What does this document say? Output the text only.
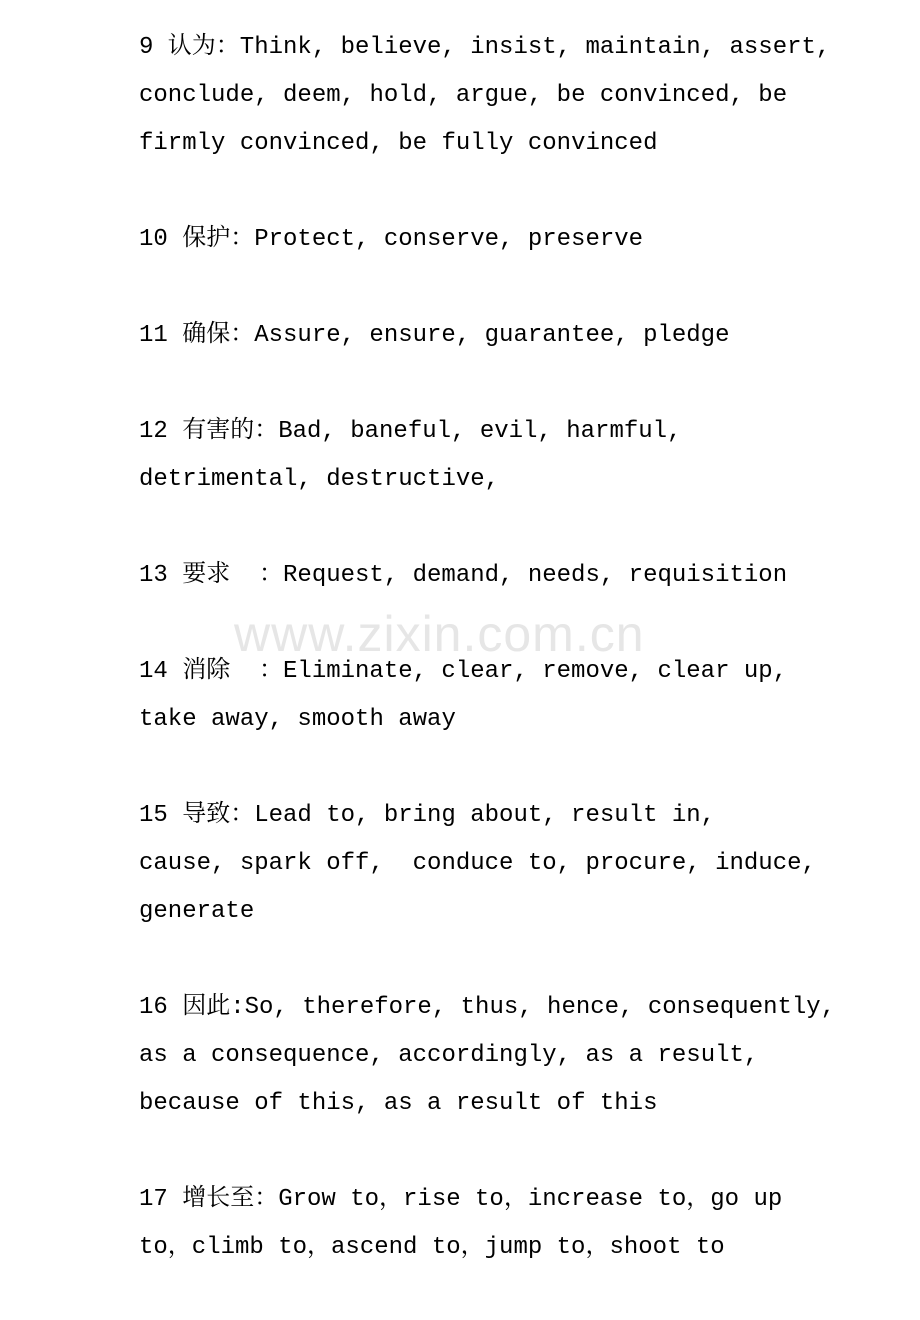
www.zixin.com.cn
9 认为：Think, believe, insist, maintain, assert,
conclude, deem, hold, argue, be convinced, be
firmly convinced, be fully convinced
10 保护：Protect, conserve, preserve
11 确保：Assure, ensure, guarantee, pledge
12 有害的：Bad, baneful, evil, harmful,
detrimental, destructive,
13 要求  ：Request, demand, needs, requisition
14 消除  ：Eliminate, clear, remove, clear up,
take away, smooth away
15 导致：Lead to, bring about, result in,
cause, spark off,  conduce to, procure, induce,
generate
16 因此:So, therefore, thus, hence, consequently,
as a consequence, accordingly, as a result,
because of this, as a result of this
17 增长至：Grow to，rise to，increase to，go up
to，climb to，ascend to，jump to，shoot to
